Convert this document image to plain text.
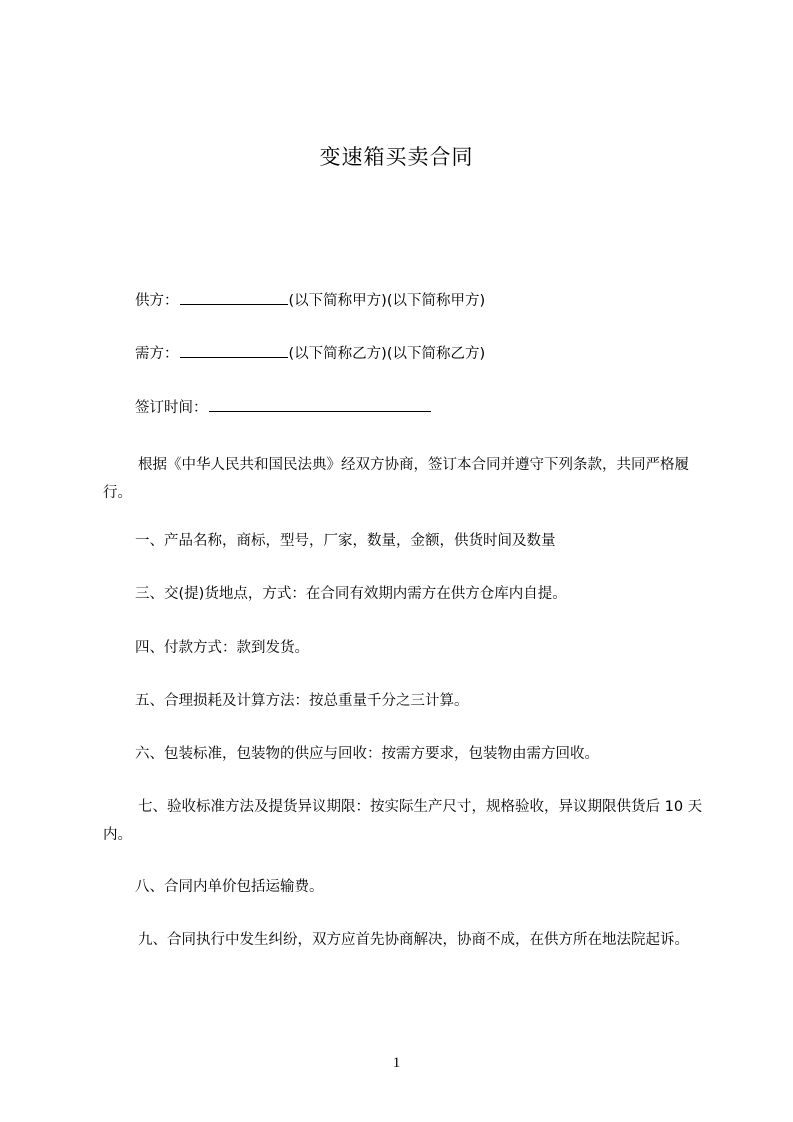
变速箱买卖合同
供方：	(以下简称甲方)(以下简称甲方)
需方：	(以下简称乙方)(以下简称乙方)
签订时间：
根据《中华人民共和国民法典》经双方协商，签订本合同并遵守下列条款，共同严格履行。
一、产品名称，商标，型号，厂家，数量，金额，供货时间及数量
三、交(提)货地点，方式：在合同有效期内需方在供方仓库内自提。
四、付款方式：款到发货。
五、合理损耗及计算方法：按总重量千分之三计算。
六、包装标准，包装物的供应与回收：按需方要求，包装物由需方回收。
七、验收标准方法及提货异议期限：按实际生产尺寸，规格验收，异议期限供货后 10 天内。
八、合同内单价包括运输费。
九、合同执行中发生纠纷，双方应首先协商解决，协商不成，在供方所在地法院起诉。
1
